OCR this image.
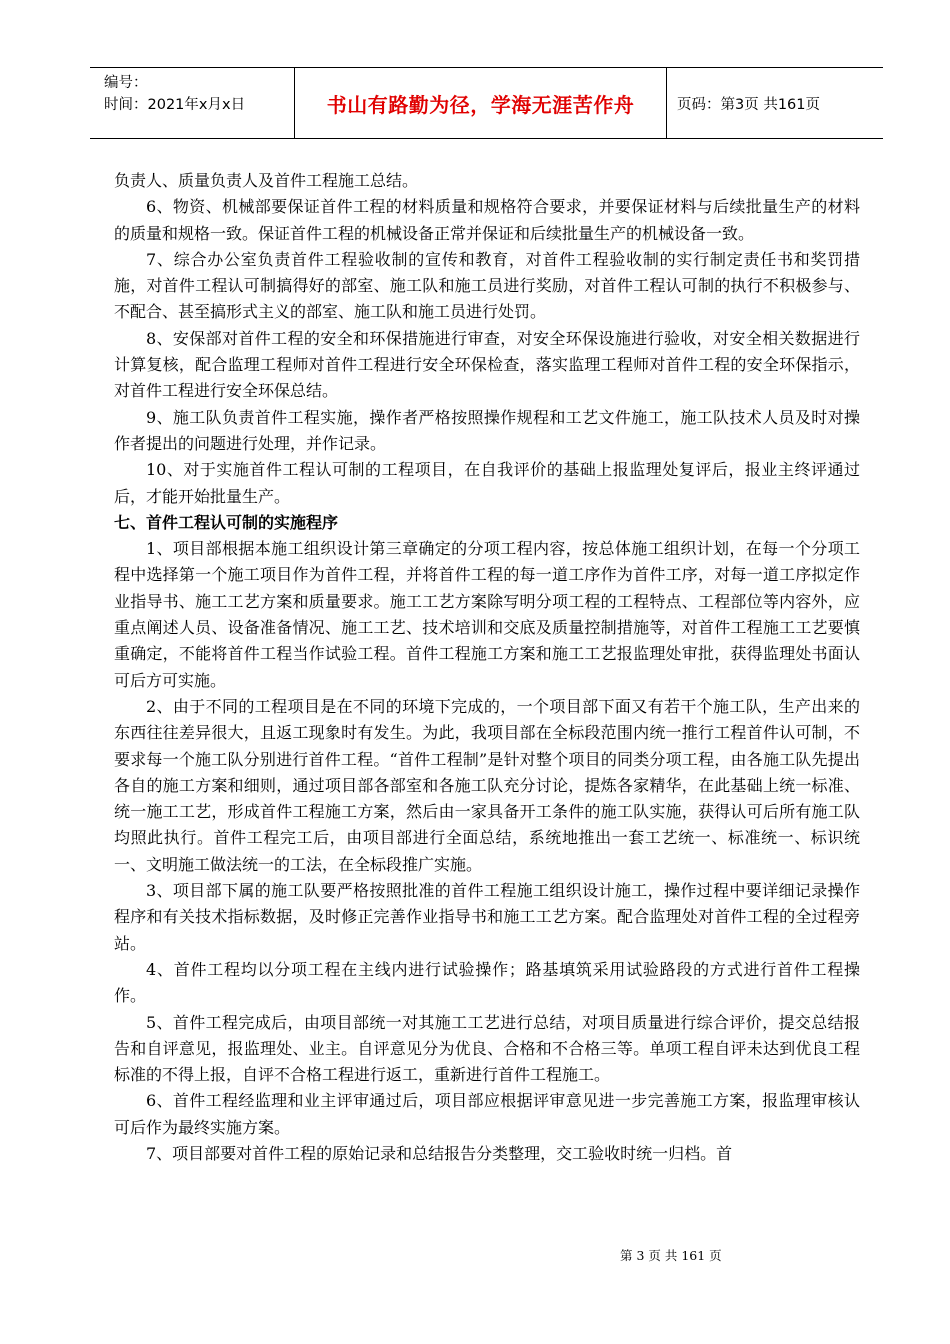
编号：
时间：2021年x月x日	书山有路勤为径，学海无涯苦作舟	页码：第3页 共161页

负责人、质量负责人及首件工程施工总结。

6、物资、机械部要保证首件工程的材料质量和规格符合要求，并要保证材料与后续批量生产的材料的质量和规格一致。保证首件工程的机械设备正常并保证和后续批量生产的机械设备一致。

7、综合办公室负责首件工程验收制的宣传和教育，对首件工程验收制的实行制定责任书和奖罚措施，对首件工程认可制搞得好的部室、施工队和施工员进行奖励，对首件工程认可制的执行不积极参与、不配合、甚至搞形式主义的部室、施工队和施工员进行处罚。

8、安保部对首件工程的安全和环保措施进行审查，对安全环保设施进行验收，对安全相关数据进行计算复核，配合监理工程师对首件工程进行安全环保检查，落实监理工程师对首件工程的安全环保指示，对首件工程进行安全环保总结。

9、施工队负责首件工程实施，操作者严格按照操作规程和工艺文件施工，施工队技术人员及时对操作者提出的问题进行处理，并作记录。

10、对于实施首件工程认可制的工程项目，在自我评价的基础上报监理处复评后，报业主终评通过后，才能开始批量生产。

七、首件工程认可制的实施程序

1、项目部根据本施工组织设计第三章确定的分项工程内容，按总体施工组织计划，在每一个分项工程中选择第一个施工项目作为首件工程，并将首件工程的每一道工序作为首件工序，对每一道工序拟定作业指导书、施工工艺方案和质量要求。施工工艺方案除写明分项工程的工程特点、工程部位等内容外，应重点阐述人员、设备准备情况、施工工艺、技术培训和交底及质量控制措施等，对首件工程施工工艺要慎重确定，不能将首件工程当作试验工程。首件工程施工方案和施工工艺报监理处审批，获得监理处书面认可后方可实施。

2、由于不同的工程项目是在不同的环境下完成的，一个项目部下面又有若干个施工队，生产出来的东西往往差异很大，且返工现象时有发生。为此，我项目部在全标段范围内统一推行工程首件认可制，不要求每一个施工队分别进行首件工程。“首件工程制”是针对整个项目的同类分项工程，由各施工队先提出各自的施工方案和细则，通过项目部各部室和各施工队充分讨论，提炼各家精华，在此基础上统一标准、统一施工工艺，形成首件工程施工方案，然后由一家具备开工条件的施工队实施，获得认可后所有施工队均照此执行。首件工程完工后，由项目部进行全面总结，系统地推出一套工艺统一、标准统一、标识统一、文明施工做法统一的工法，在全标段推广实施。

3、项目部下属的施工队要严格按照批准的首件工程施工组织设计施工，操作过程中要详细记录操作程序和有关技术指标数据，及时修正完善作业指导书和施工工艺方案。配合监理处对首件工程的全过程旁站。

4、首件工程均以分项工程在主线内进行试验操作；路基填筑采用试验路段的方式进行首件工程操作。

5、首件工程完成后，由项目部统一对其施工工艺进行总结，对项目质量进行综合评价，提交总结报告和自评意见，报监理处、业主。自评意见分为优良、合格和不合格三等。单项工程自评未达到优良工程标准的不得上报，自评不合格工程进行返工，重新进行首件工程施工。

6、首件工程经监理和业主评审通过后，项目部应根据评审意见进一步完善施工方案，报监理审核认可后作为最终实施方案。

7、项目部要对首件工程的原始记录和总结报告分类整理，交工验收时统一归档。首

第 3 页 共 161 页
